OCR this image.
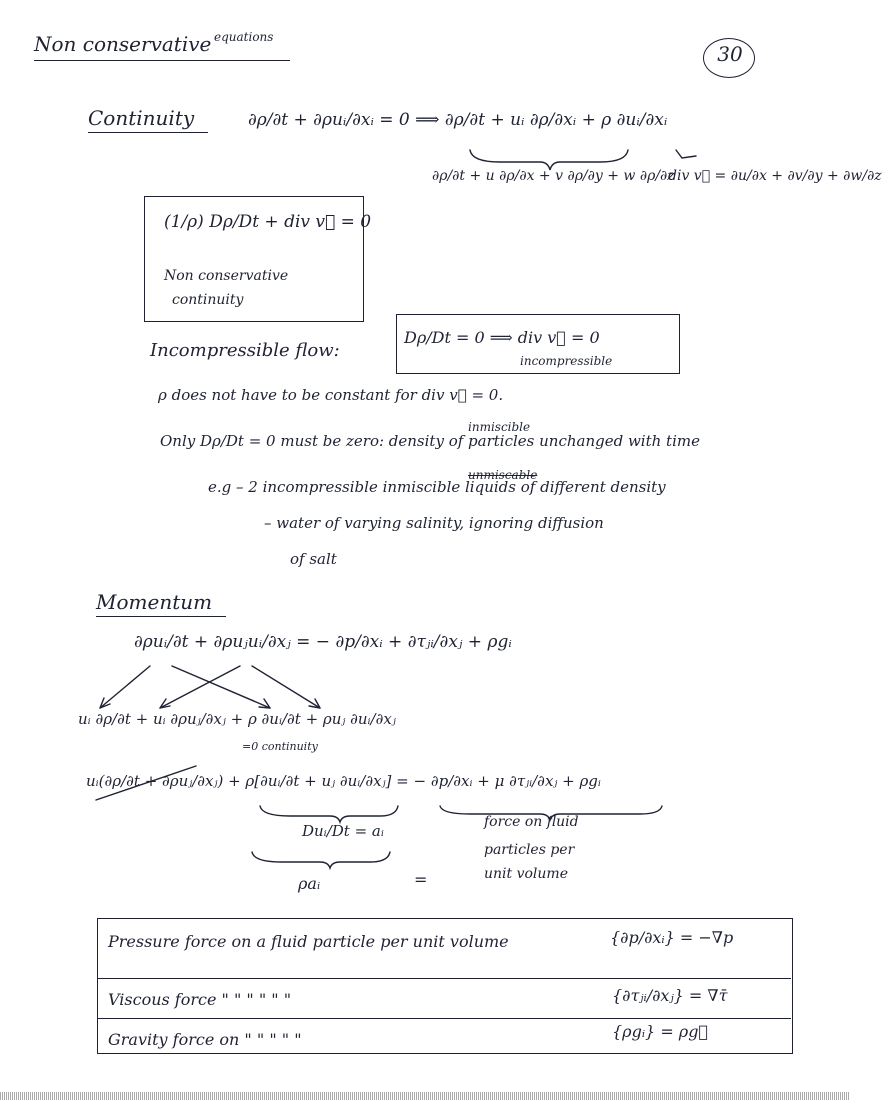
Non conservative equations
30
Continuity	∂ρ/∂t + ∂ρuᵢ/∂xᵢ = 0 ⟹ ∂ρ/∂t + uᵢ ∂ρ/∂xᵢ + ρ ∂uᵢ/∂xᵢ
∂ρ/∂t + u ∂ρ/∂x + v ∂ρ/∂y + w ∂ρ/∂z
div v⃗ = ∂u/∂x + ∂v/∂y + ∂w/∂z
(1/ρ) Dρ/Dt + div v⃗ = 0
Non conservative
continuity
Incompressible flow:
Dρ/Dt = 0 ⟹ div v⃗ = 0
incompressible
ρ does not have to be constant for div v⃗ = 0.
inmiscible
Only Dρ/Dt = 0 must be zero: density of particles unchanged with time
unmiscable
e.g – 2 incompressible inmiscible liquids of different density
– water of varying salinity, ignoring diffusion
of salt
Momentum
∂ρuᵢ/∂t + ∂ρuⱼuᵢ/∂xⱼ = − ∂p/∂xᵢ + ∂τⱼᵢ/∂xⱼ + ρgᵢ
uᵢ ∂ρ/∂t + uᵢ ∂ρuⱼ/∂xⱼ + ρ ∂uᵢ/∂t + ρuⱼ ∂uᵢ/∂xⱼ
=0 continuity
uᵢ(∂ρ/∂t + ∂ρuⱼ/∂xⱼ) + ρ[∂uᵢ/∂t + uⱼ ∂uᵢ/∂xⱼ] = − ∂p/∂xᵢ + μ ∂τⱼᵢ/∂xⱼ + ρgᵢ
Duᵢ/Dt = aᵢ	force on fluid
particles per
unit volume
ρaᵢ	=
Pressure force on a fluid particle per unit volume	{∂p/∂xᵢ} = −∇p
Viscous force " " " " " "	{∂τⱼᵢ/∂xⱼ} = ∇τ̄
Gravity force on " " " " "	{ρgᵢ} = ρg⃗
